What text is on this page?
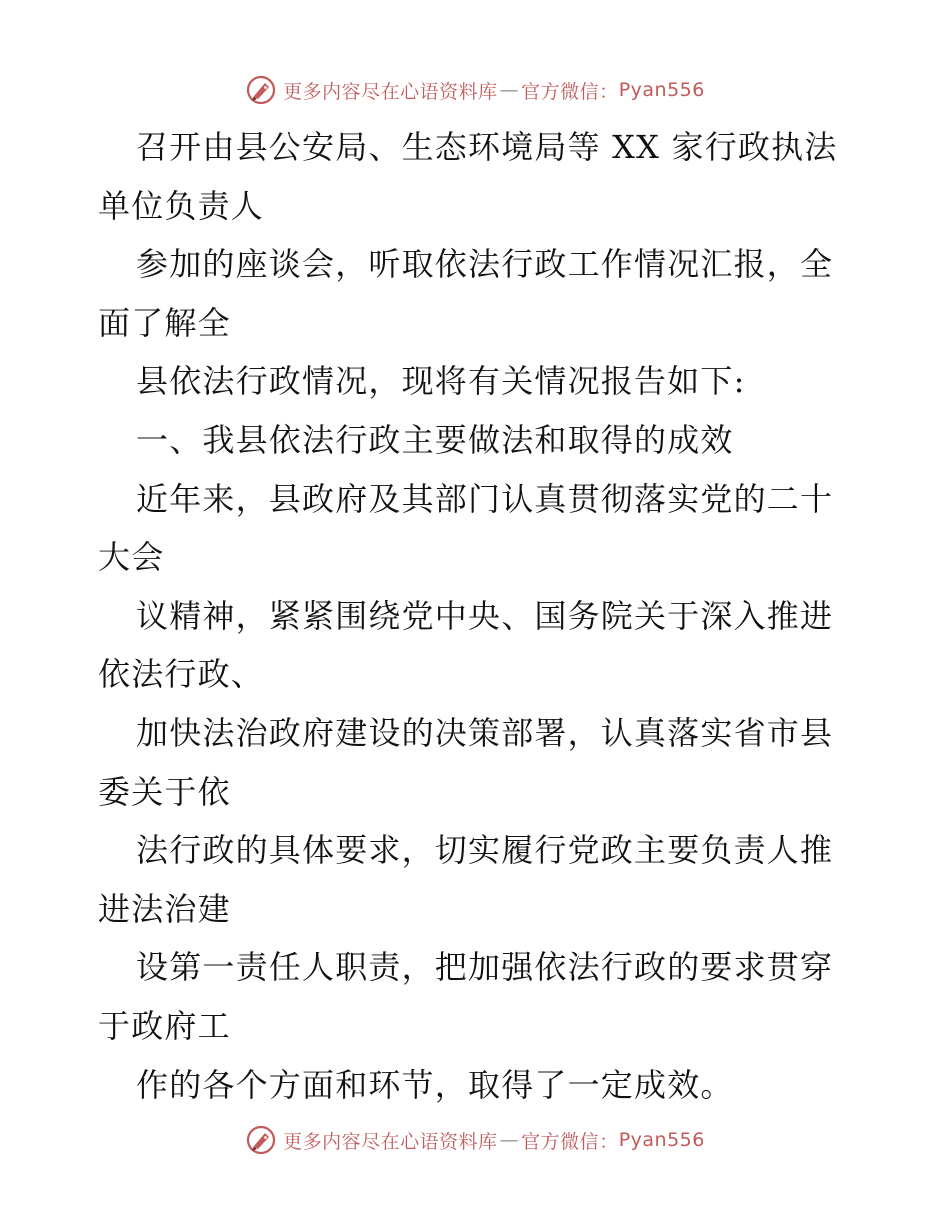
更多内容尽在心语资料库 — 官方微信： Pyan556
召开由县公安局、生态环境局等 XX 家行政执法
单位负责人
参加的座谈会，听取依法行政工作情况汇报，全
面了解全
县依法行政情况，现将有关情况报告如下:
一、我县依法行政主要做法和取得的成效
近年来，县政府及其部门认真贯彻落实党的二十
大会
议精神，紧紧围绕党中央、国务院关于深入推进
依法行政、
加快法治政府建设的决策部署，认真落实省市县
委关于依
法行政的具体要求，切实履行党政主要负责人推
进法治建
设第一责任人职责，把加强依法行政的要求贯穿
于政府工
作的各个方面和环节，取得了一定成效。
更多内容尽在心语资料库 — 官方微信： Pyan556
